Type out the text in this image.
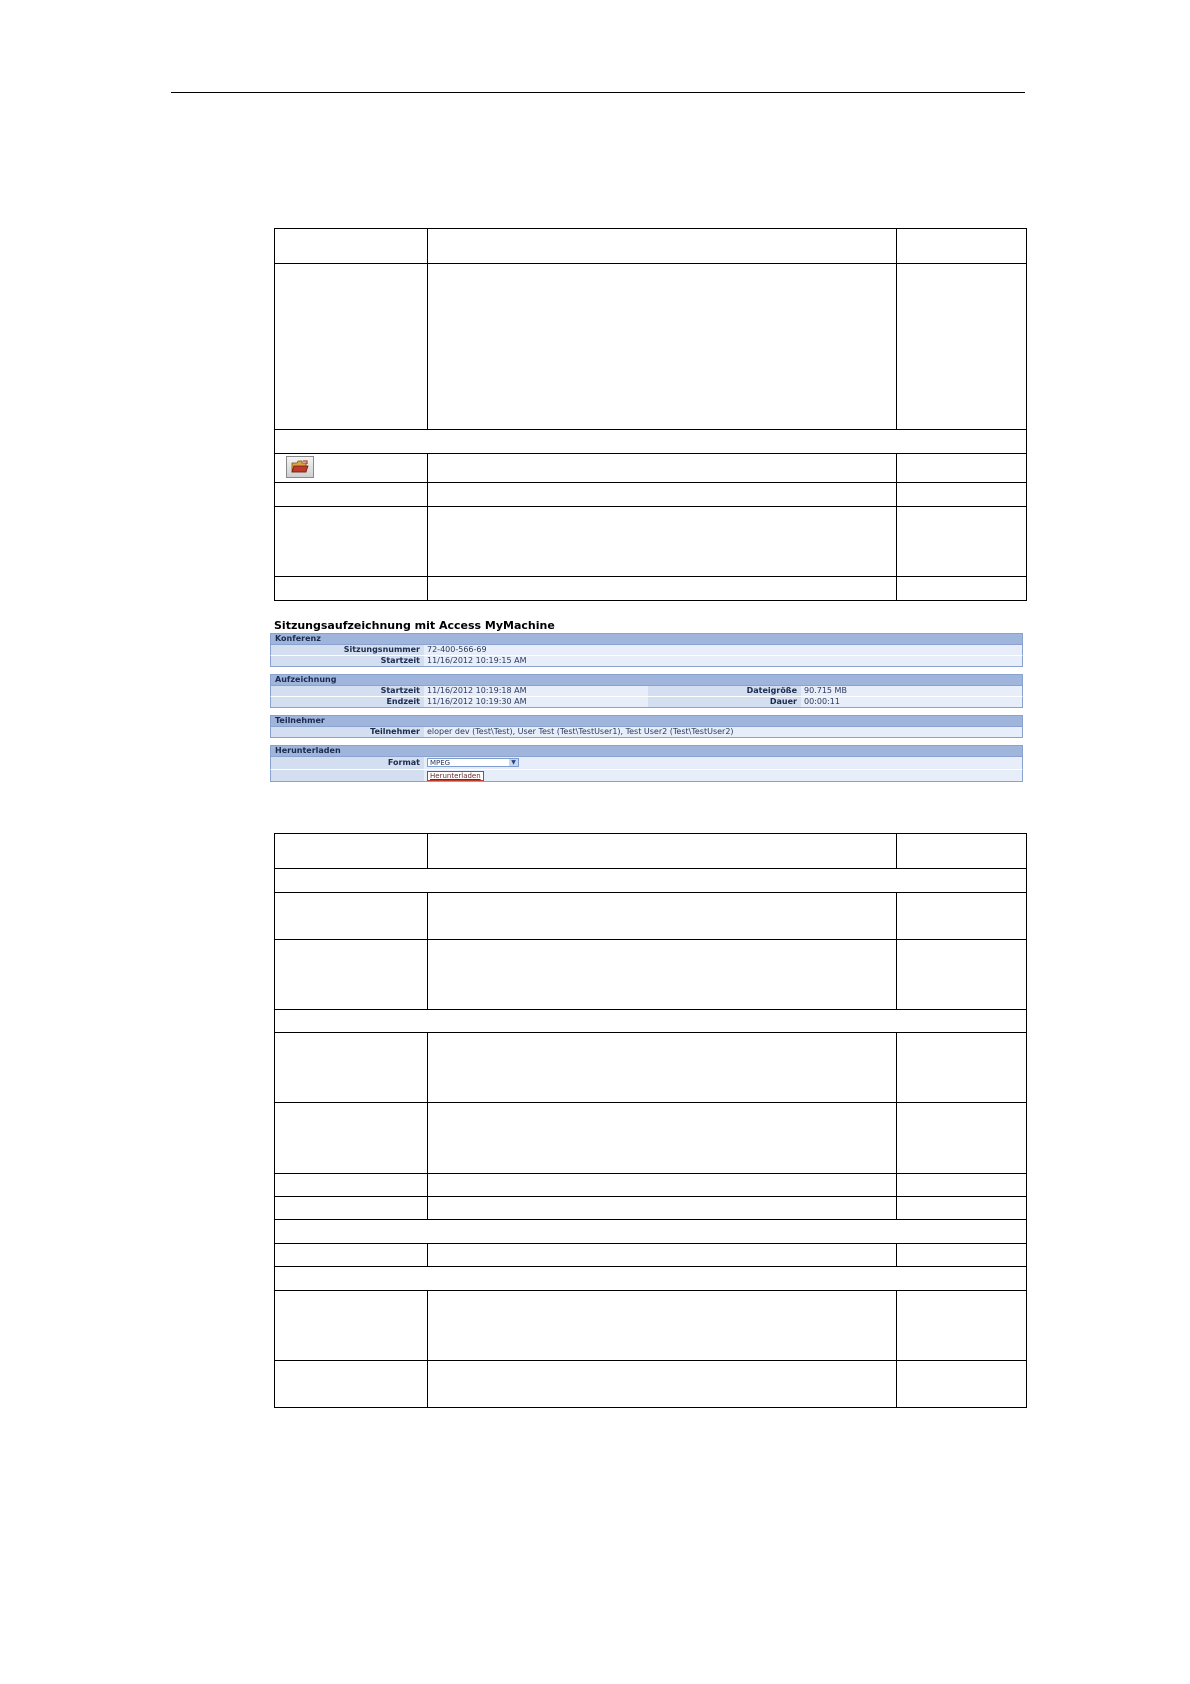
Sitzungsaufzeichnung mit Access MyMachine
Konferenz
Sitzungsnummer 72-400-566-69
Startzeit 11/16/2012 10:19:15 AM
Aufzeichnung
Startzeit 11/16/2012 10:19:18 AM	Dateigröße 90.715 MB
Endzeit 11/16/2012 10:19:30 AM	Dauer 00:00:11
Teilnehmer
Teilnehmer eloper dev (Test\Test), User Test (Test\TestUser1), Test User2 (Test\TestUser2)
Herunterladen
Format	MPEG	▼
Herunterladen
